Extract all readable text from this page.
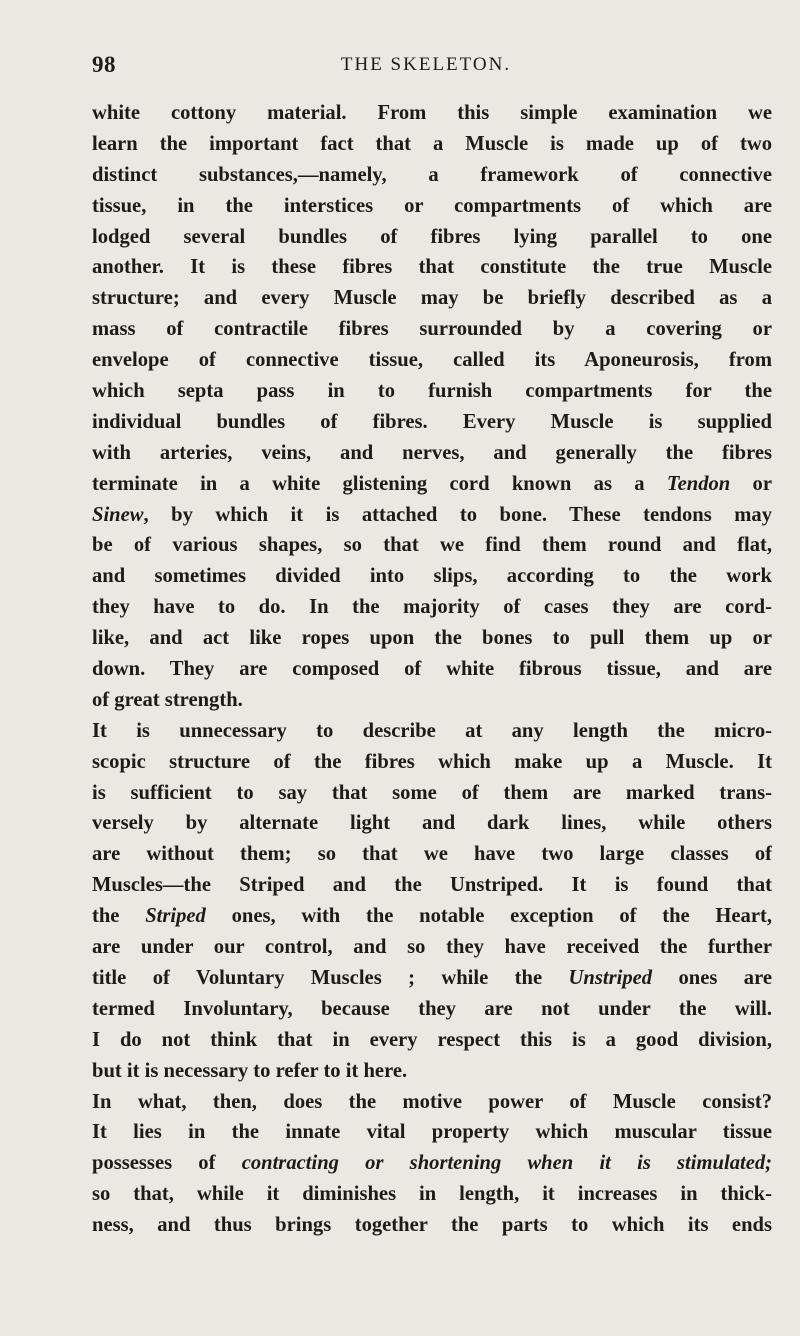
98	THE SKELETON.
white cottony material. From this simple examination we
learn the important fact that a Muscle is made up of two
distinct substances,—namely, a framework of connective
tissue, in the interstices or compartments of which are
lodged several bundles of fibres lying parallel to one
another. It is these fibres that constitute the true Muscle
structure; and every Muscle may be briefly described as a
mass of contractile fibres surrounded by a covering or
envelope of connective tissue, called its Aponeurosis, from
which septa pass in to furnish compartments for the
individual bundles of fibres. Every Muscle is supplied
with arteries, veins, and nerves, and generally the fibres
terminate in a white glistening cord known as a Tendon or
Sinew, by which it is attached to bone. These tendons may
be of various shapes, so that we find them round and flat,
and sometimes divided into slips, according to the work
they have to do. In the majority of cases they are cord-
like, and act like ropes upon the bones to pull them up or
down. They are composed of white fibrous tissue, and are
of great strength.
It is unnecessary to describe at any length the micro-
scopic structure of the fibres which make up a Muscle. It
is sufficient to say that some of them are marked trans-
versely by alternate light and dark lines, while others
are without them; so that we have two large classes of
Muscles—the Striped and the Unstriped. It is found that
the Striped ones, with the notable exception of the Heart,
are under our control, and so they have received the further
title of Voluntary Muscles ; while the Unstriped ones are
termed Involuntary, because they are not under the will.
I do not think that in every respect this is a good division,
but it is necessary to refer to it here.
In what, then, does the motive power of Muscle consist?
It lies in the innate vital property which muscular tissue
possesses of contracting or shortening when it is stimulated;
so that, while it diminishes in length, it increases in thick-
ness, and thus brings together the parts to which its ends
